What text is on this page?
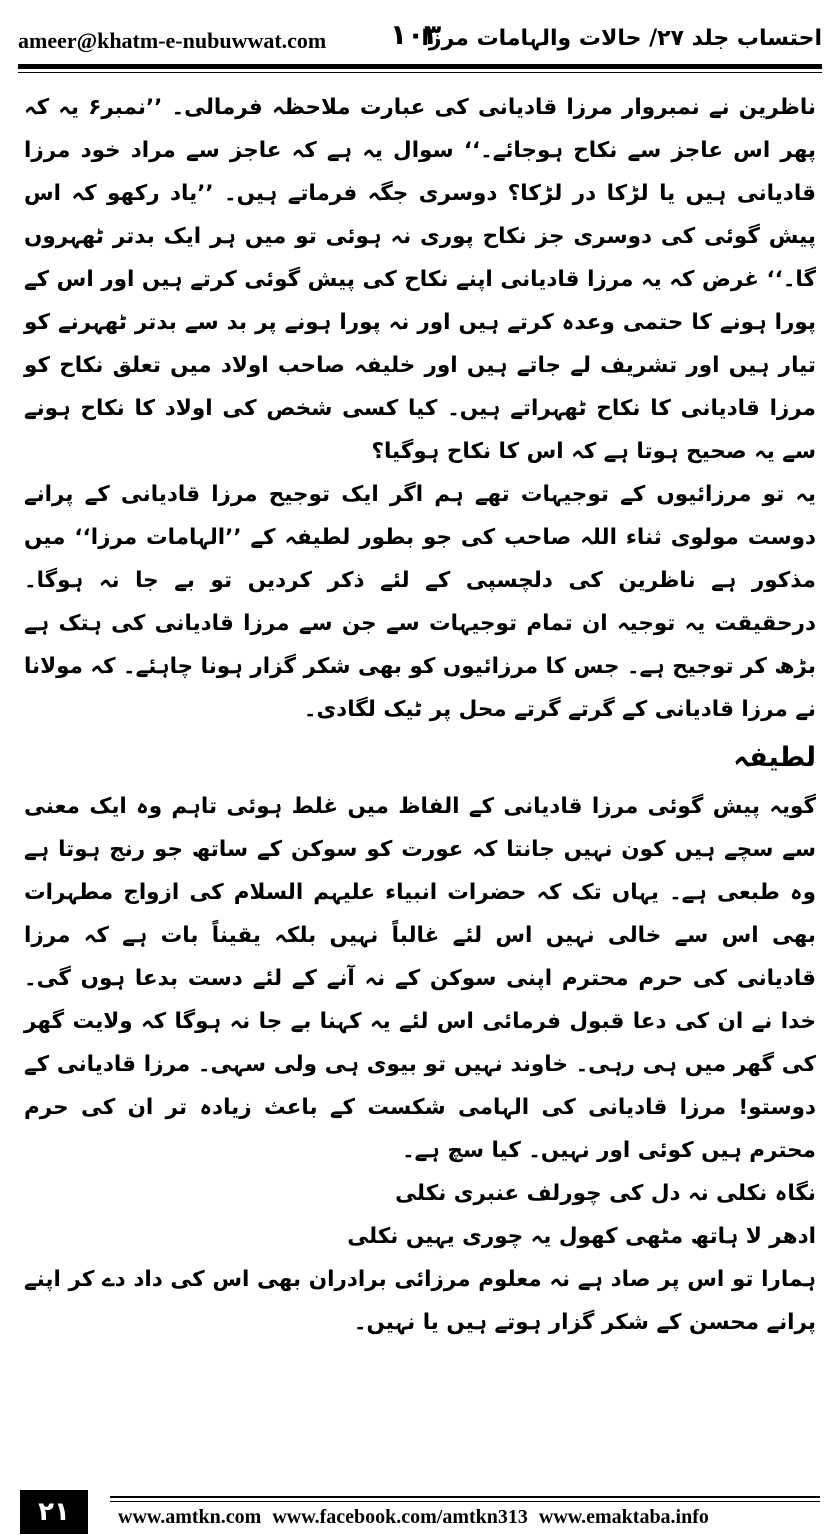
ameer@khatm-e-nubuwwat.com ۱۰۳
احتساب جلد ۲۷/ حالات والہامات مرزا

ناظرین نے نمبروار مرزا قادیانی کی عبارت ملاحظہ فرمالی۔ ’’نمبر۶ یہ کہ پھر اس عاجز سے نکاح ہوجائے۔‘‘ سوال یہ ہے کہ عاجز سے مراد خود مرزا قادیانی ہیں یا لڑکا در لڑکا؟ دوسری جگہ فرماتے ہیں۔ ’’یاد رکھو کہ اس پیش گوئی کی دوسری جز نکاح پوری نہ ہوئی تو میں ہر ایک بدتر ٹھہروں گا۔‘‘ غرض کہ یہ مرزا قادیانی اپنے نکاح کی پیش گوئی کرتے ہیں اور اس کے پورا ہونے کا حتمی وعدہ کرتے ہیں اور نہ پورا ہونے پر بد سے بدتر ٹھہرنے کو تیار ہیں اور تشریف لے جاتے ہیں اور خلیفہ صاحب اولاد میں تعلق نکاح کو مرزا قادیانی کا نکاح ٹھہراتے ہیں۔ کیا کسی شخص کی اولاد کا نکاح ہونے سے یہ صحیح ہوتا ہے کہ اس کا نکاح ہوگیا؟

یہ تو مرزائیوں کے توجیہات تھے ہم اگر ایک توجیح مرزا قادیانی کے پرانے دوست مولوی ثناء اللہ صاحب کی جو بطور لطیفہ کے ’’الہامات مرزا‘‘ میں مذکور ہے ناظرین کی دلچسپی کے لئے ذکر کردیں تو بے جا نہ ہوگا۔ درحقیقت یہ توجیہ ان تمام توجیہات سے جن سے مرزا قادیانی کی ہتک ہے بڑھ کر توجیح ہے۔ جس کا مرزائیوں کو بھی شکر گزار ہونا چاہئے۔ کہ مولانا نے مرزا قادیانی کے گرتے گرتے محل پر ٹیک لگادی۔

لطیفہ

گویہ پیش گوئی مرزا قادیانی کے الفاظ میں غلط ہوئی تاہم وہ ایک معنی سے سچے ہیں کون نہیں جانتا کہ عورت کو سوکن کے ساتھ جو رنج ہوتا ہے وہ طبعی ہے۔ یہاں تک کہ حضرات انبیاء علیہم السلام کی ازواج مطہرات بھی اس سے خالی نہیں اس لئے غالباً نہیں بلکہ یقیناً بات ہے کہ مرزا قادیانی کی حرم محترم اپنی سوکن کے نہ آنے کے لئے دست بدعا ہوں گی۔ خدا نے ان کی دعا قبول فرمائی اس لئے یہ کہنا بے جا نہ ہوگا کہ ولایت گھر کی گھر میں ہی رہی۔ خاوند نہیں تو بیوی ہی ولی سہی۔ مرزا قادیانی کے دوستو! مرزا قادیانی کی الہامی شکست کے باعث زیادہ تر ان کی حرم محترم ہیں کوئی اور نہیں۔ کیا سچ ہے۔

نگاہ نکلی نہ دل کی چورلف عنبری نکلی

ادھر لا ہاتھ مٹھی کھول یہ چوری یہیں نکلی

ہمارا تو اس پر صاد ہے نہ معلوم مرزائی برادران بھی اس کی داد دے کر اپنے پرانے محسن کے شکر گزار ہوتے ہیں یا نہیں۔

۲۱	www.amtkn.com www.facebook.com/amtkn313 www.emaktaba.info
